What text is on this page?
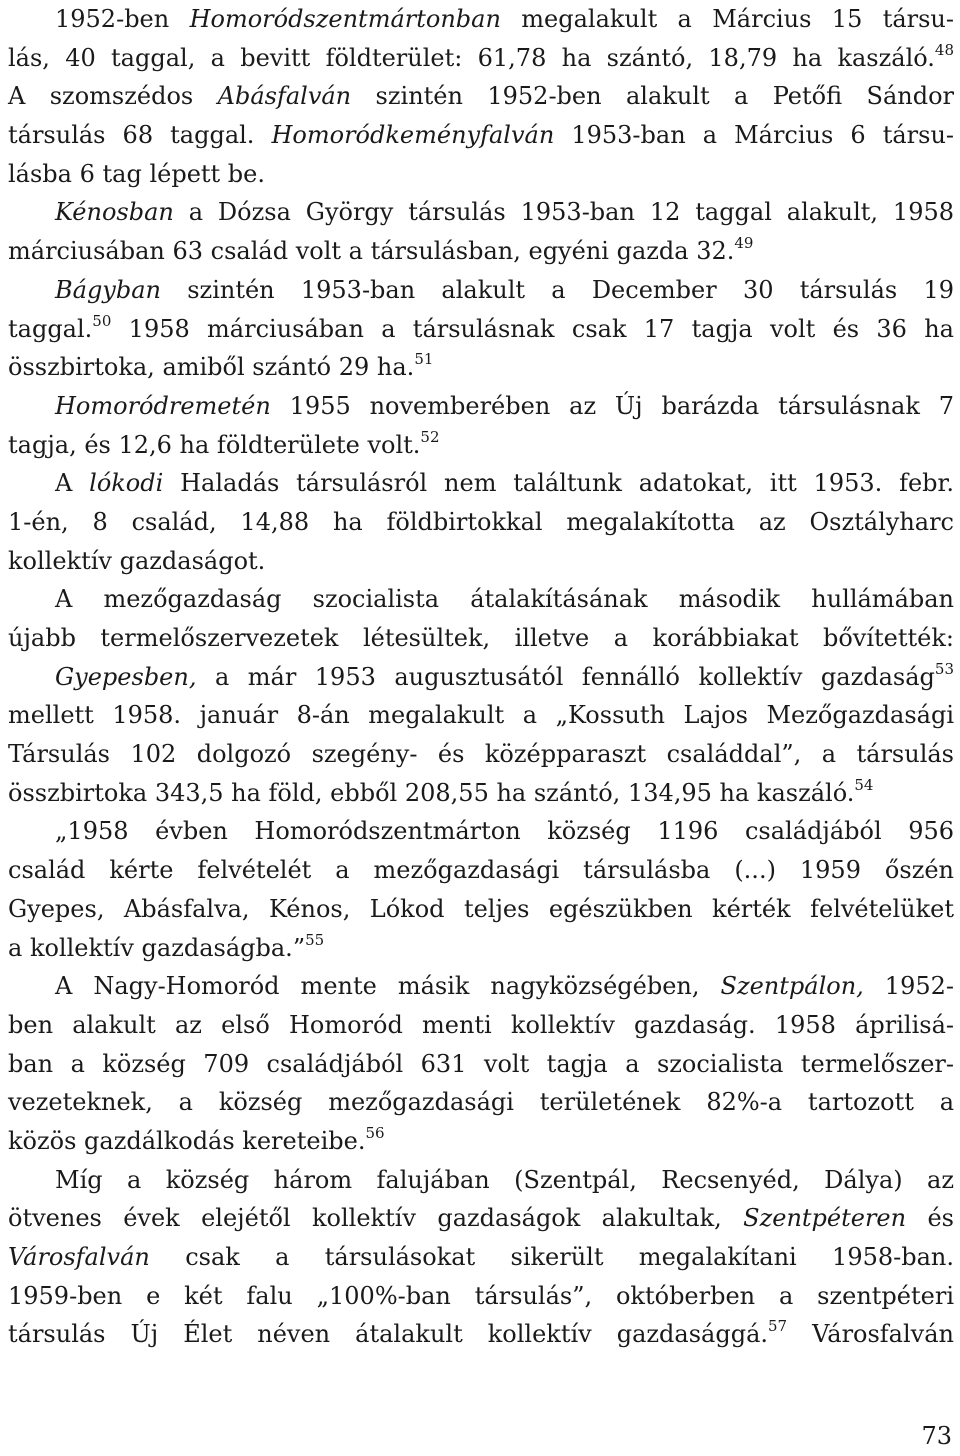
1952-ben Homoródszentmártonban megalakult a Március 15 társu-
lás, 40 taggal, a bevitt földterület: 61,78 ha szántó, 18,79 ha kaszáló.$^{48}$
A szomszédos Abásfalván szintén 1952-ben alakult a Petőfi Sándor
társulás 68 taggal. Homoródkeményfalván 1953-ban a Március 6 társu-
lásba 6 tag lépett be.
Kénosban a Dózsa György társulás 1953-ban 12 taggal alakult, 1958
márciusában 63 család volt a társulásban, egyéni gazda 32.49
Bágyban szintén 1953-ban alakult a December 30 társulás 19
taggal.$^{50}$ 1958 márciusában a társulásnak csak 17 tagja volt és 36 ha
összbirtoka, amiből szántó 29 ha.$^{51}$
Homoródremetén 1955 novemberében az Új barázda társulásnak 7
tagja, és 12,6 ha földterülete volt.$^{52}$
A lókodi Haladás társulásról nem találtunk adatokat, itt 1953. febr.
1-én, 8 család, 14,88 ha földbirtokkal megalakította az Osztályharc
kollektív gazdaságot.
A mezőgazdaság szocialista átalakításának második hullámában
újabb termelőszervezetek létesültek, illetve a korábbiakat bővítették:
Gyepesben, a már 1953 augusztusától fennálló kollektív gazdaság$^{53}$
mellett 1958. január 8-án megalakult a „Kossuth Lajos Mezőgazdasági
Társulás 102 dolgozó szegény- és középparaszt családdal”, a társulás
összbirtoka 343,5 ha föld, ebből 208,55 ha szántó, 134,95 ha kaszáló.$^{54}$
„1958 évben Homoródszentmárton község 1196 családjából 956
család kérte felvételét a mezőgazdasági társulásba (...) 1959 őszén
Gyepes, Abásfalva, Kénos, Lókod teljes egészükben kérték felvételüket
a kollektív gazdaságba.”$^{55}$
A Nagy-Homoród mente másik nagyközségében, Szentpálon, 1952-
ben alakult az első Homoród menti kollektív gazdaság. 1958 áprilisá-
ban a község 709 családjából 631 volt tagja a szocialista termelőszer-
vezeteknek, a község mezőgazdasági területének 82%-a tartozott a
közös gazdálkodás kereteibe.$^{56}$
Míg a község három falujában (Szentpál, Recsenyéd, Dálya) az
ötvenes évek elejétől kollektív gazdaságok alakultak, Szentpéteren és
Városfalván csak a társulásokat sikerült megalakítani 1958-ban.
1959-ben e két falu „100%-ban társulás”, októberben a szentpéteri
társulás Új Élet néven átalakult kollektív gazdasággá.$^{57}$ Városfalván
73
